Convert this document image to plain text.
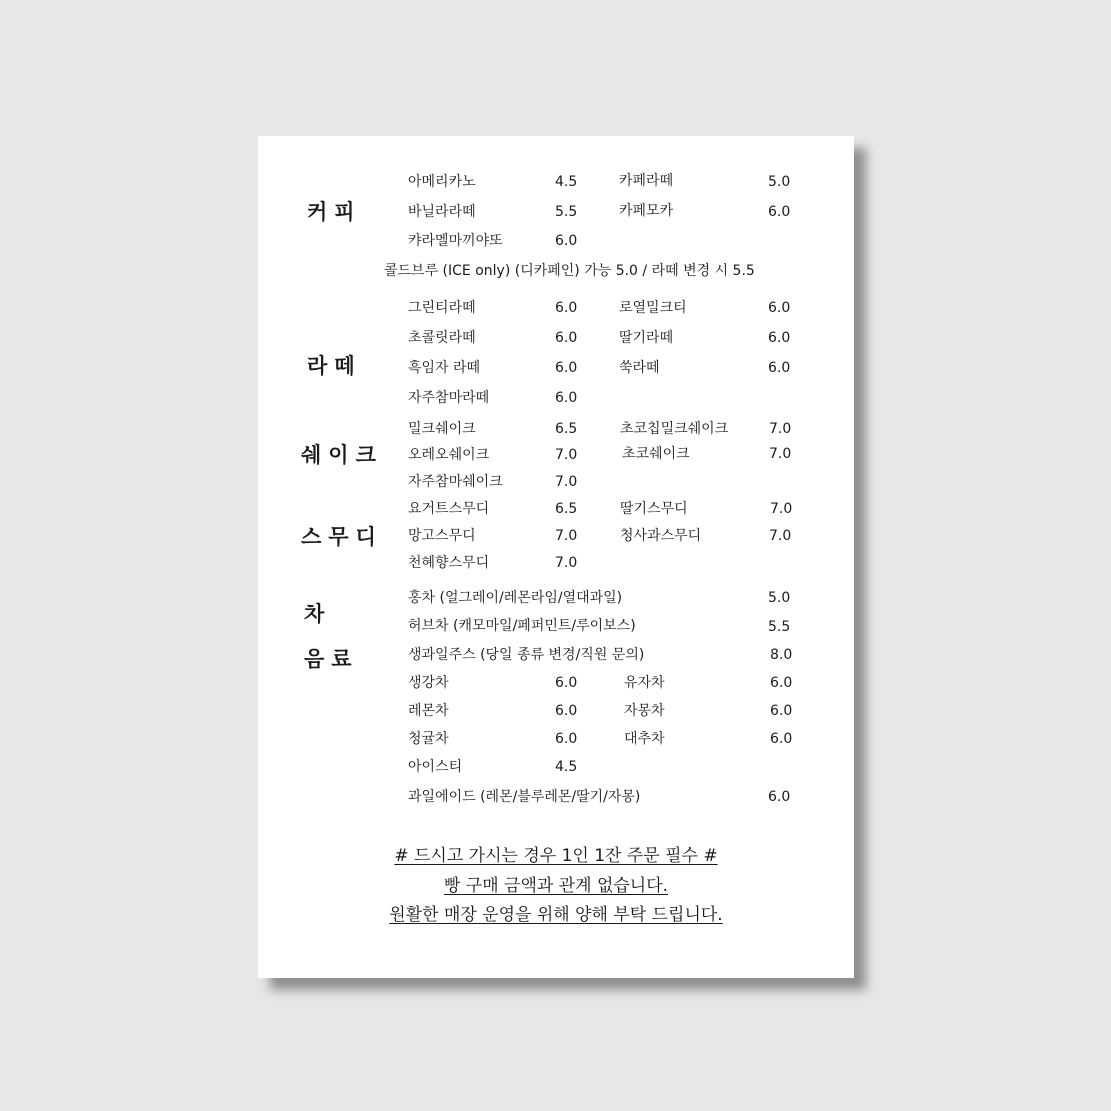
커피
아메리카노	4.5	카페라떼	5.0
바닐라라떼	5.5	카페모카	6.0
캬라멜마끼야또	6.0
콜드브루 (ICE only) (디카페인) 가능 5.0 / 라떼 변경 시 5.5
라떼
그린티라떼	6.0	로열밀크티	6.0
초콜릿라떼	6.0	딸기라떼	6.0
흑임자 라떼	6.0	쑥라떼	6.0
자주참마라떼	6.0
쉐이크
밀크쉐이크	6.5	초코칩밀크쉐이크	7.0
오레오쉐이크	7.0	초코쉐이크	7.0
자주참마쉐이크	7.0
스무디
요거트스무디	6.5	딸기스무디	7.0
망고스무디	7.0	청사과스무디	7.0
천혜향스무디	7.0
차
음료
홍차 (얼그레이/레몬라임/열대과일)	5.0
허브차 (캐모마일/페퍼민트/루이보스)	5.5
생과일주스 (당일 종류 변경/직원 문의)	8.0
생강차	6.0	유자차	6.0
레몬차	6.0	자몽차	6.0
청귤차	6.0	대추차	6.0
아이스티	4.5
과일에이드 (레몬/블루레몬/딸기/자몽)	6.0
# 드시고 가시는 경우 1인 1잔 주문 필수 #
빵 구매 금액과 관계 없습니다.
원활한 매장 운영을 위해 양해 부탁 드립니다.
